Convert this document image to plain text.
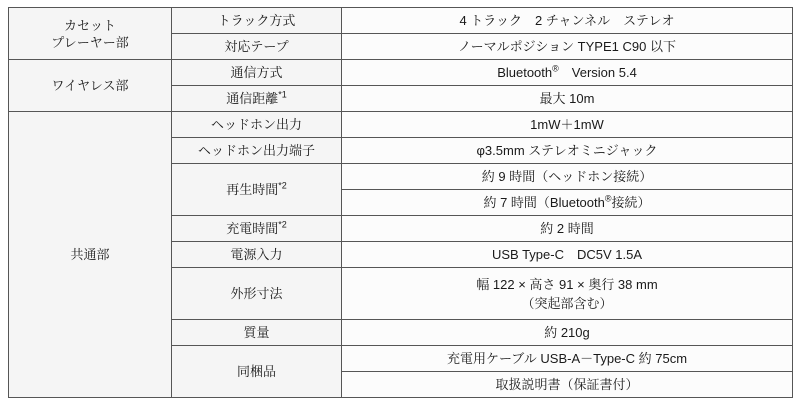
カセット
プレーヤー部	トラック方式	4 トラック　2 チャンネル　ステレオ
	対応テープ	ノーマルポジション TYPE1 C90 以下
ワイヤレス部	通信方式	Bluetooth®　Version 5.4
	通信距離$^{*1}$	最大 10m
共通部	ヘッドホン出力	1mW＋1mW
	ヘッドホン出力端子	φ3.5mm ステレオミニジャック
	再生時間$^{*2}$	約 9 時間（ヘッドホン接続）
		約 7 時間（Bluetooth®接続）
	充電時間$^{*2}$	約 2 時間
	電源入力	USB Type-C　DC5V 1.5A
	外形寸法	幅 122 × 高さ 91 × 奥行 38 mm
（突起部含む）

	質量	約 210g
	同梱品	充電用ケーブル USB-A－Type-C 約 75cm
		取扱説明書（保証書付）
